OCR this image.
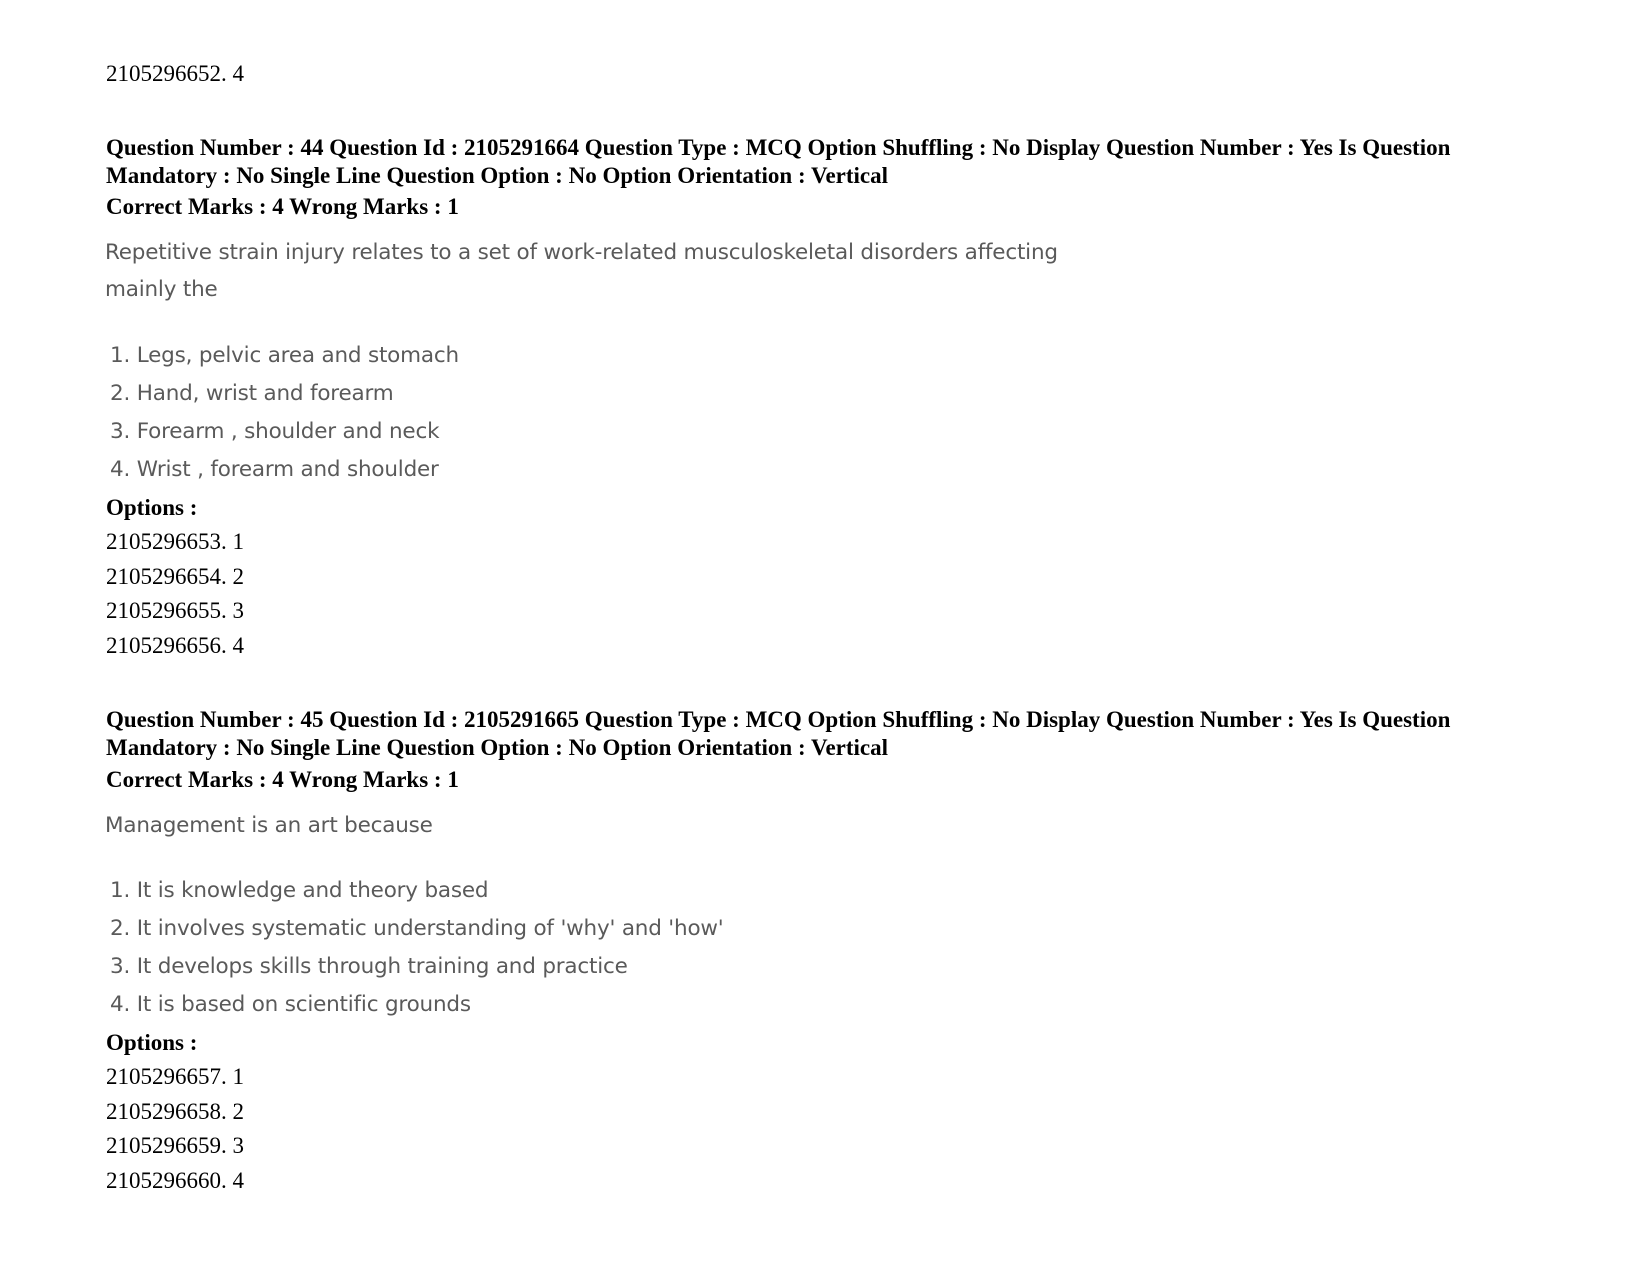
2105296652. 4
Question Number : 44 Question Id : 2105291664 Question Type : MCQ Option Shuffling : No Display Question Number : Yes Is Question Mandatory : No Single Line Question Option : No Option Orientation : Vertical
Correct Marks : 4 Wrong Marks : 1
Repetitive strain injury relates to a set of work-related musculoskeletal disorders affecting
mainly the
1. Legs, pelvic area and stomach
2. Hand, wrist and forearm
3. Forearm , shoulder and neck
4. Wrist , forearm and shoulder
Options :
2105296653. 1
2105296654. 2
2105296655. 3
2105296656. 4
Question Number : 45 Question Id : 2105291665 Question Type : MCQ Option Shuffling : No Display Question Number : Yes Is Question Mandatory : No Single Line Question Option : No Option Orientation : Vertical
Correct Marks : 4 Wrong Marks : 1
Management is an art because
1. It is knowledge and theory based
2. It involves systematic understanding of 'why' and 'how'
3. It develops skills through training and practice
4. It is based on scientific grounds
Options :
2105296657. 1
2105296658. 2
2105296659. 3
2105296660. 4
